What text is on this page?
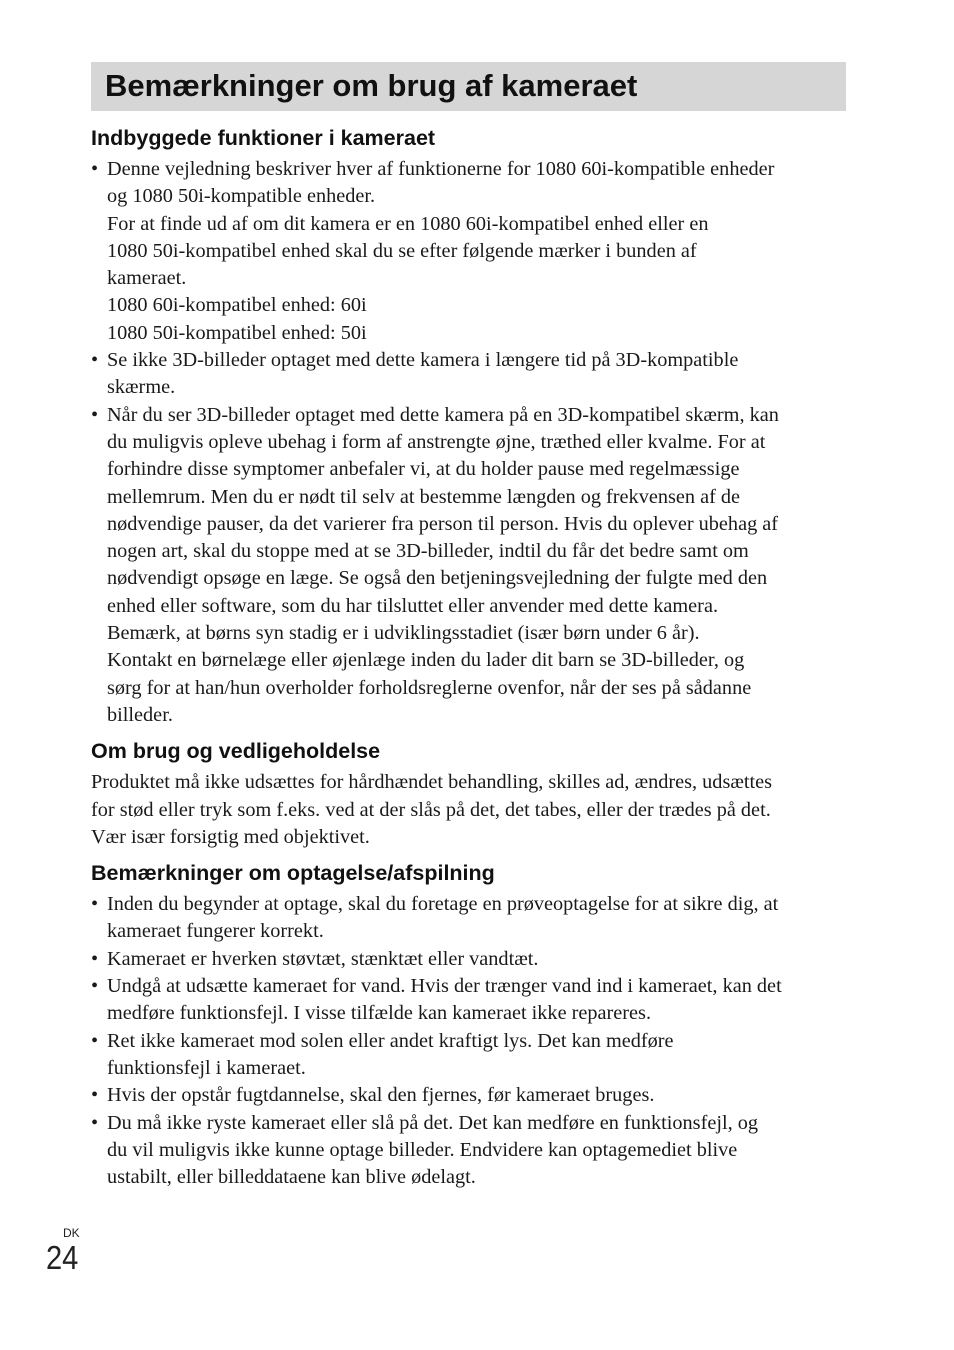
Bemærkninger om brug af kameraet
Indbyggede funktioner i kameraet
• Denne vejledning beskriver hver af funktionerne for 1080 60i-kompatible enheder
og 1080 50i-kompatible enheder.
For at finde ud af om dit kamera er en 1080 60i-kompatibel enhed eller en
1080 50i-kompatibel enhed skal du se efter følgende mærker i bunden af
kameraet.
1080 60i-kompatibel enhed: 60i
1080 50i-kompatibel enhed: 50i
• Se ikke 3D-billeder optaget med dette kamera i længere tid på 3D-kompatible
skærme.
• Når du ser 3D-billeder optaget med dette kamera på en 3D-kompatibel skærm, kan
du muligvis opleve ubehag i form af anstrengte øjne, træthed eller kvalme. For at
forhindre disse symptomer anbefaler vi, at du holder pause med regelmæssige
mellemrum. Men du er nødt til selv at bestemme længden og frekvensen af de
nødvendige pauser, da det varierer fra person til person. Hvis du oplever ubehag af
nogen art, skal du stoppe med at se 3D-billeder, indtil du får det bedre samt om
nødvendigt opsøge en læge. Se også den betjeningsvejledning der fulgte med den
enhed eller software, som du har tilsluttet eller anvender med dette kamera.
Bemærk, at børns syn stadig er i udviklingsstadiet (især børn under 6 år).
Kontakt en børnelæge eller øjenlæge inden du lader dit barn se 3D-billeder, og
sørg for at han/hun overholder forholdsreglerne ovenfor, når der ses på sådanne
billeder.
Om brug og vedligeholdelse

Produktet må ikke udsættes for hårdhændet behandling, skilles ad, ændres, udsættes
for stød eller tryk som f.eks. ved at der slås på det, det tabes, eller der trædes på det.
Vær især forsigtig med objektivet.

Bemærkninger om optagelse/afspilning
• Inden du begynder at optage, skal du foretage en prøveoptagelse for at sikre dig, at
kameraet fungerer korrekt.
• Kameraet er hverken støvtæt, stænktæt eller vandtæt.
• Undgå at udsætte kameraet for vand. Hvis der trænger vand ind i kameraet, kan det
medføre funktionsfejl. I visse tilfælde kan kameraet ikke repareres.
• Ret ikke kameraet mod solen eller andet kraftigt lys. Det kan medføre
funktionsfejl i kameraet.
• Hvis der opstår fugtdannelse, skal den fjernes, før kameraet bruges.
• Du må ikke ryste kameraet eller slå på det. Det kan medføre en funktionsfejl, og
du vil muligvis ikke kunne optage billeder. Endvidere kan optagemediet blive
ustabilt, eller billeddataene kan blive ødelagt.
DK
24
